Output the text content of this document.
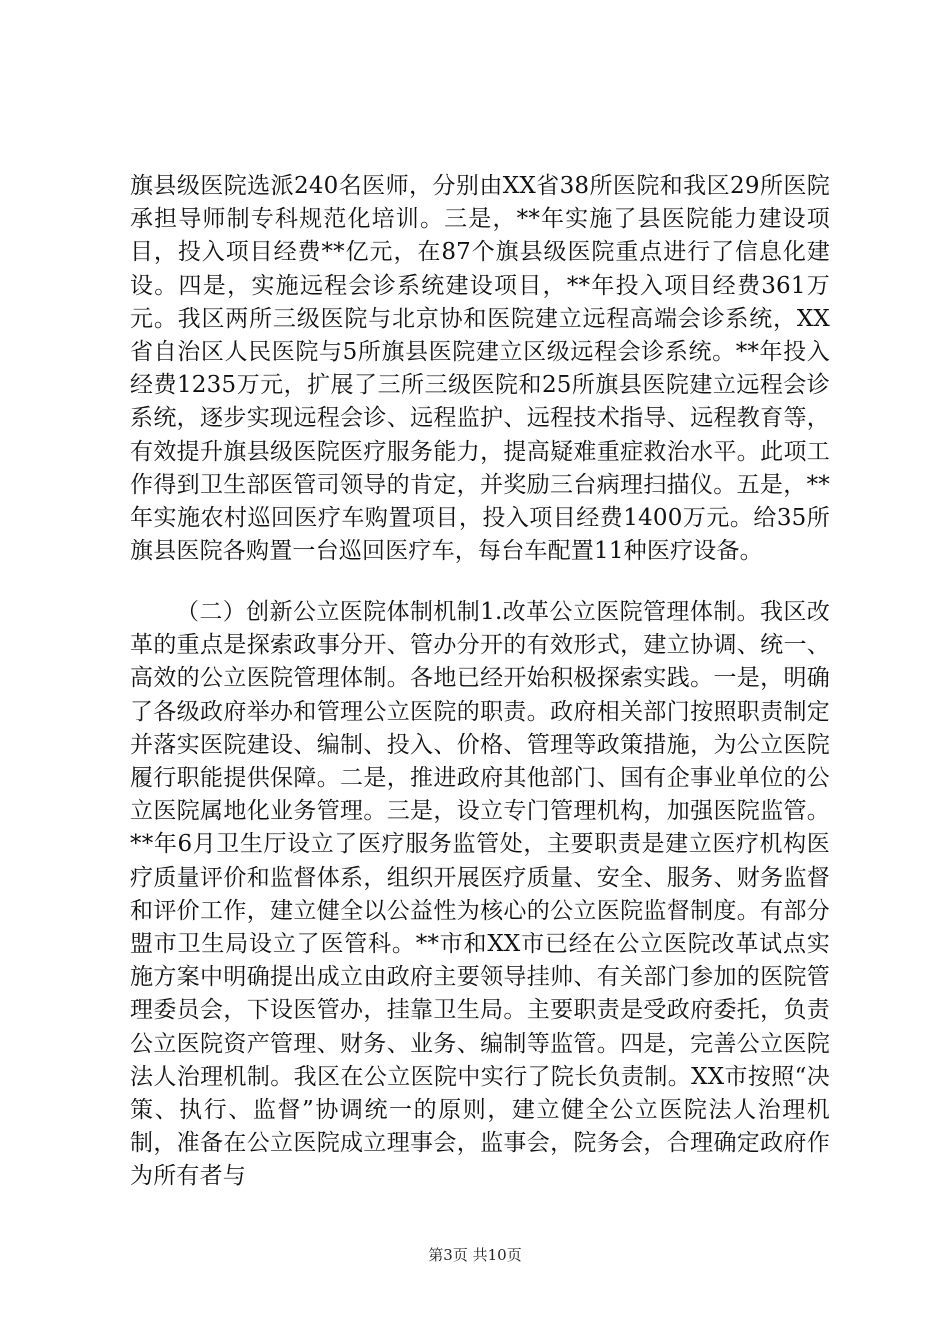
旗县级医院选派240名医师，分别由XX省38所医院和我区29所医院承担导师制专科规范化培训。三是，**年实施了县医院能力建设项目，投入项目经费**亿元，在87个旗县级医院重点进行了信息化建设。四是，实施远程会诊系统建设项目，**年投入项目经费361万元。我区两所三级医院与北京协和医院建立远程高端会诊系统，XX省自治区人民医院与5所旗县医院建立区级远程会诊系统。**年投入经费1235万元，扩展了三所三级医院和25所旗县医院建立远程会诊系统，逐步实现远程会诊、远程监护、远程技术指导、远程教育等，有效提升旗县级医院医疗服务能力，提高疑难重症救治水平。此项工作得到卫生部医管司领导的肯定，并奖励三台病理扫描仪。五是，**年实施农村巡回医疗车购置项目，投入项目经费1400万元。给35所旗县医院各购置一台巡回医疗车，每台车配置11种医疗设备。

（二）创新公立医院体制机制1.改革公立医院管理体制。我区改革的重点是探索政事分开、管办分开的有效形式，建立协调、统一、高效的公立医院管理体制。各地已经开始积极探索实践。一是，明确了各级政府举办和管理公立医院的职责。政府相关部门按照职责制定并落实医院建设、编制、投入、价格、管理等政策措施，为公立医院履行职能提供保障。二是，推进政府其他部门、国有企事业单位的公立医院属地化业务管理。三是，设立专门管理机构，加强医院监管。**年6月卫生厅设立了医疗服务监管处，主要职责是建立医疗机构医疗质量评价和监督体系，组织开展医疗质量、安全、服务、财务监督和评价工作，建立健全以公益性为核心的公立医院监督制度。有部分盟市卫生局设立了医管科。**市和XX市已经在公立医院改革试点实施方案中明确提出成立由政府主要领导挂帅、有关部门参加的医院管理委员会，下设医管办，挂靠卫生局。主要职责是受政府委托，负责公立医院资产管理、财务、业务、编制等监管。四是，完善公立医院法人治理机制。我区在公立医院中实行了院长负责制。XX市按照“决策、执行、监督”协调统一的原则，建立健全公立医院法人治理机制，准备在公立医院成立理事会，监事会，院务会，合理确定政府作为所有者与

第3页 共10页
